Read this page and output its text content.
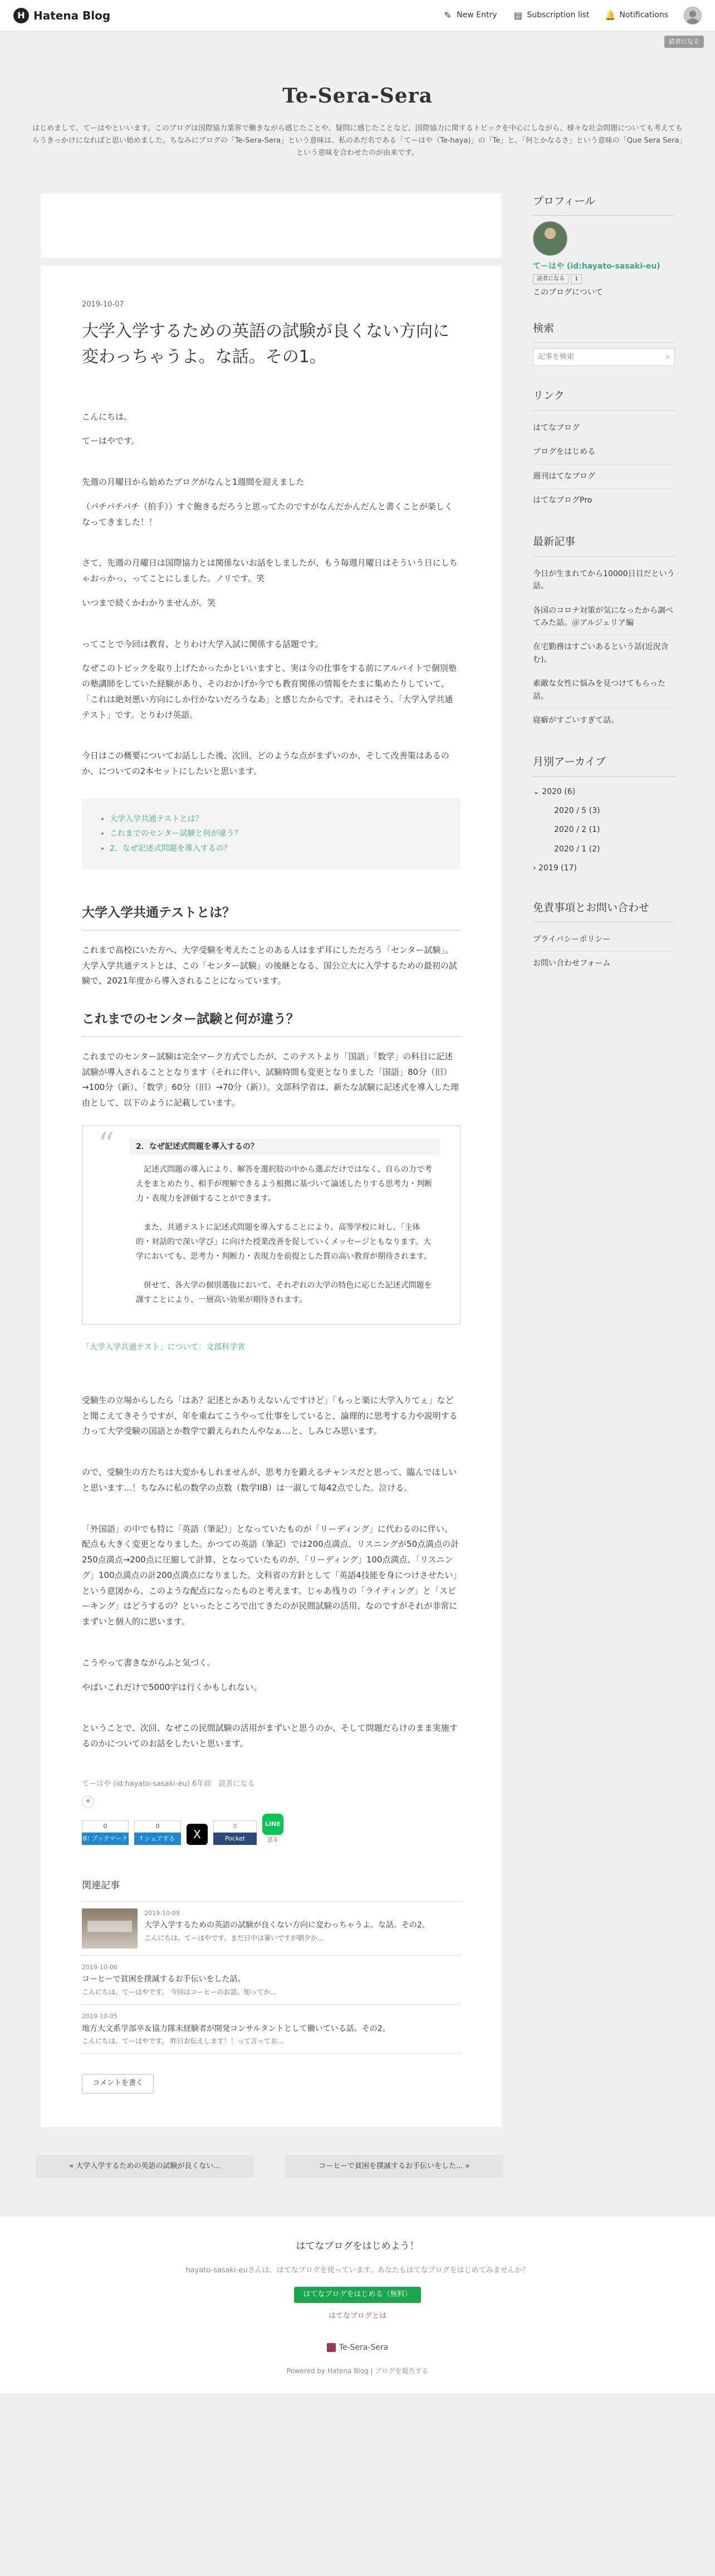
H Hatena Blog	✎ New Entry ▤ Subscription list 🔔 Notifications
読者になる
Te-Sera-Sera

はじめまして、てーはやといいます。このブログは国際協力業界で働きながら感じたことや、疑問に感じたことなど、国際協力に関するトピックを中心にしながら、様々な社会問題についても考えてもらうきっかけになればと思い始めました。ちなみにブログの「Te-Sera-Sera」という意味は、私のあだ名である「てーはや（Te-haya)」の「Te」と、「何とかなるさ」という意味の「Que Sera Sera」という意味を合わせたのが由来です。

2019-10-07
大学入学するための英語の試験が良くない方向に変わっちゃうよ。な話。その1。

こんにちは。

てーはやです。

先週の月曜日から始めたブログがなんと1週間を迎えました

（パチパチパチ（拍手））すぐ飽きるだろうと思ってたのですがなんだかんだんと書くことが楽しくなってきました！！

さて、先週の月曜日は国際協力とは関係ないお話をしましたが、もう毎週月曜日はそういう日にしちゃおっかっ、ってことにしました。ノリです。笑

いつまで続くかわかりませんが。笑

ってことで今回は教育、とりわけ大学入試に関係する話題です。

なぜこのトピックを取り上げたかったかといいますと、実は今の仕事をする前にアルバイトで個別塾の塾講師をしていた経験があり、そのおかげか今でも教育関係の情報をたまに集めたりしていて、「これは絶対悪い方向にしか行かないだろうなあ」と感じたからです。それはそう、「大学入学共通テスト」です。とりわけ英語。

今日はこの概要についてお話しした後、次回、どのような点がまずいのか、そして改善策はあるのか、についての2本セットにしたいと思います。

• 大学入学共通テストとは？
• これまでのセンター試験と何が違う？
• 2．なぜ記述式問題を導入するの？
大学入学共通テストとは？

これまで高校にいた方へ、大学受験を考えたことのある人はまず耳にしただろう「センター試験」。大学入学共通テストとは、この「センター試験」の後継となる、国公立大に入学するための最初の試験で、2021年度から導入されることになっています。

これまでのセンター試験と何が違う？

これまでのセンター試験は完全マーク方式でしたが、このテストより「国語」「数学」の科目に記述試験が導入されることとなります（それに伴い、試験時間も変更となりました「国語」80分（旧）→100分（新）、「数学」60分（旧）→70分（新））。文部科学省は、新たな試験に記述式を導入した理由として、以下のように記載しています。

“	2．なぜ記述式問題を導入するの？

記述式問題の導入により、解答を選択肢の中から選ぶだけではなく、自らの力で考えをまとめたり、相手が理解できるよう根拠に基づいて論述したりする思考力・判断力・表現力を評価することができます。

また、共通テストに記述式問題を導入することにより、高等学校に対し、「主体的・対話的で深い学び」に向けた授業改善を促していくメッセージともなります。大学においても、思考力・判断力・表現力を前提とした質の高い教育が期待されます。

併せて、各大学の個別選抜において、それぞれの大学の特色に応じた記述式問題を課すことにより、一層高い効果が期待されます。

「大学入学共通テスト」について：文部科学省

受験生の立場からしたら「はあ？記述とかありえないんですけど」「もっと楽に大学入りてぇ」などと聞こえてきそうですが、年を重ねてこうやって仕事をしていると、論理的に思考する力や説明する力って大学受験の国語とか数学で鍛えられたんやなぁ…と、しみじみ思います。

ので、受験生の方たちは大変かもしれませんが、思考力を鍛えるチャンスだと思って、臨んでほしいと思います…！ちなみに私の数学の点数（数学IIB）は一淑して毎42点でした。泣ける。

「外国語」の中でも特に「英語（筆記）」となっていたものが「リーディング」に代わるのに伴い、配点も大きく変更となりました。かつての英語（筆記）では200点満点、リスニングが50点満点の計250点満点→200点に圧縮して計算、となっていたものが、「リーディング」100点満点、「リスニング」100点満点の計200点満点になりました。文科省の方針として「英語4技能を身につけさせたい」という意図から、このような配点になったものと考えます。じゃあ残りの「ライティング」と「スピーキング」はどうするの？といったところで出てきたのが民間試験の活用、なのですがそれが非常にまずいと個人的に思います。

こうやって書きながらふと気づく。

やばいこれだけで5000字は行くかもしれない。

ということで、次回、なぜこの民間試験の活用がまずいと思うのか、そして問題だらけのまま実施するのかについてのお話をしたいと思います。

てーはや (id:hayato-sasaki-eu) 6年前　読者になる
★
0
B! ブックマーク
0
f シェアする	X
0
Pocket
LINE
送る
関連記事
2019-10-09
大学入学するための英語の試験が良くない方向に変わっちゃうよ。な話。その2。
こんにちは。てーはやです。まだ日中は暑いですが朝夕か...
2019-10-06
コーヒーで貧困を撲滅するお手伝いをした話。
こんにちは。てーはやです。 今回はコーヒーのお話。知ってか...
2019-10-05
地方大文系学部卒＆協力隊未経験者が開発コンサルタントとして働いている話。その2。
こんにちは。てーはやです。 昨日お伝えします！！って言ってお...
コメントを書く
プロフィール
てーはや (id:hayato-sasaki-eu)
読者になる	1
このブログについて
検索
記事を検索	⌕
リンク
はてなブログ
ブログをはじめる
週刊はてなブログ
はてなブログPro
最新記事
今日が生まれてから10000日目だという話。
各国のコロナ対策が気になったから調べてみた話。＠アルジェリア編
在宅勤務はすごいあるという話(近況含む)。
素敵な女性に悩みを見つけてもらった話。
寝癖がすごいすぎて話。
月別アーカイブ
⌄ 2020 (6)
2020 / 5 (3)
2020 / 2 (1)
2020 / 1 (2)
› 2019 (17)
免責事項とお問い合わせ
プライバシーポリシー
お問い合わせフォーム
« 大学入学するための英語の試験が良くない...	コーヒーで貧困を撲滅するお手伝いをした... »
はてなブログをはじめよう！
hayato-sasaki-euさんは、はてなブログを使っています。あなたもはてなブログをはじめてみませんか？
はてなブログをはじめる（無料）
はてなブログとは
Te-Sera-Sera
Powered by Hatena Blog | ブログを報告する
